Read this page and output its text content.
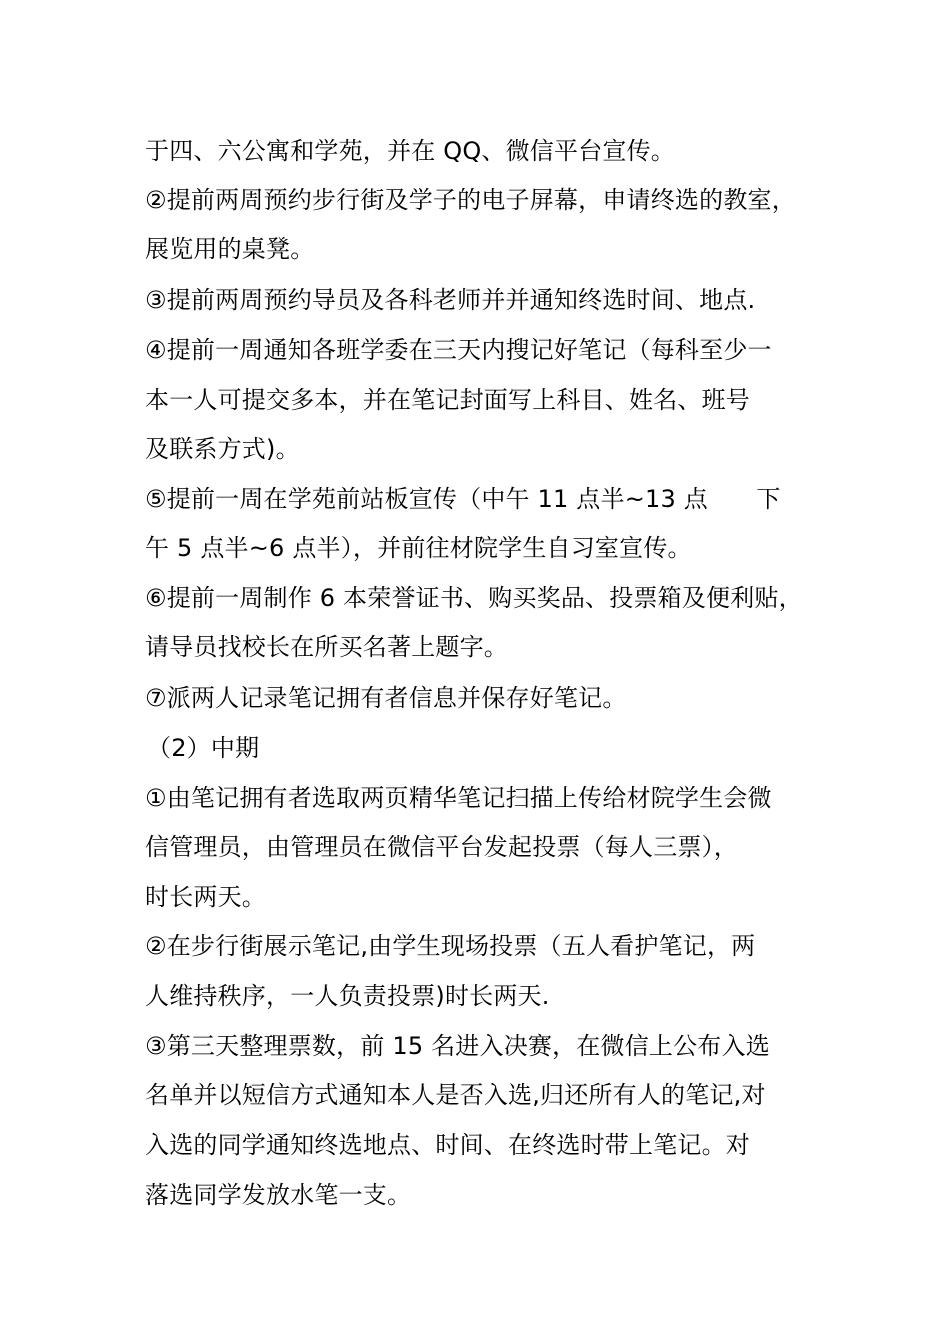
于四、六公寓和学苑，并在 QQ、微信平台宣传。
②提前两周预约步行街及学子的电子屏幕，申请终选的教室，
展览用的桌凳。
③提前两周预约导员及各科老师并并通知终选时间、地点.
④提前一周通知各班学委在三天内搜记好笔记（每科至少一
本一人可提交多本，并在笔记封面写上科目、姓名、班号
及联系方式)。
⑤提前一周在学苑前站板宣传（中午 11 点半~13 点　　下
午 5 点半~6 点半），并前往材院学生自习室宣传。
⑥提前一周制作 6 本荣誉证书、购买奖品、投票箱及便利贴，
请导员找校长在所买名著上题字。
⑦派两人记录笔记拥有者信息并保存好笔记。
（2）中期
①由笔记拥有者选取两页精华笔记扫描上传给材院学生会微
信管理员，由管理员在微信平台发起投票（每人三票），
时长两天。
②在步行街展示笔记,由学生现场投票（五人看护笔记，两
人维持秩序，一人负责投票)时长两天.
③第三天整理票数，前 15 名进入决赛，在微信上公布入选
名单并以短信方式通知本人是否入选,归还所有人的笔记,对
入选的同学通知终选地点、时间、在终选时带上笔记。对
落选同学发放水笔一支。
